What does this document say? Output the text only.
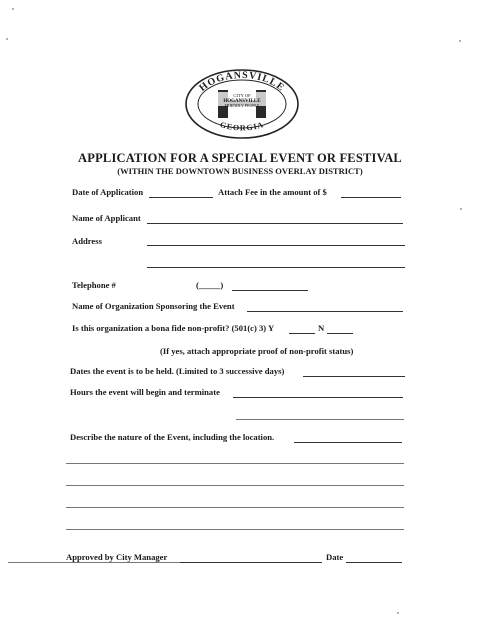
HOGANSVILLE
GEORGIA
CITY OF
HOGANSVILLE
FRIENDLY PEOPLE
APPLICATION FOR A SPECIAL EVENT OR FESTIVAL
(WITHIN THE DOWNTOWN BUSINESS OVERLAY DISTRICT)
Date of Application	Attach Fee in the amount of $
Name of Applicant
Address
Telephone #	(_____)
Name of Organization Sponsoring the Event
Is this organization a bona fide non-profit? (501(c) 3) Y	N
(If yes, attach appropriate proof of non-profit status)
Dates the event is to be held. (Limited to 3 successive days)
Hours the event will begin and terminate
Describe the nature of the Event, including the location.
Approved by City Manager	Date
